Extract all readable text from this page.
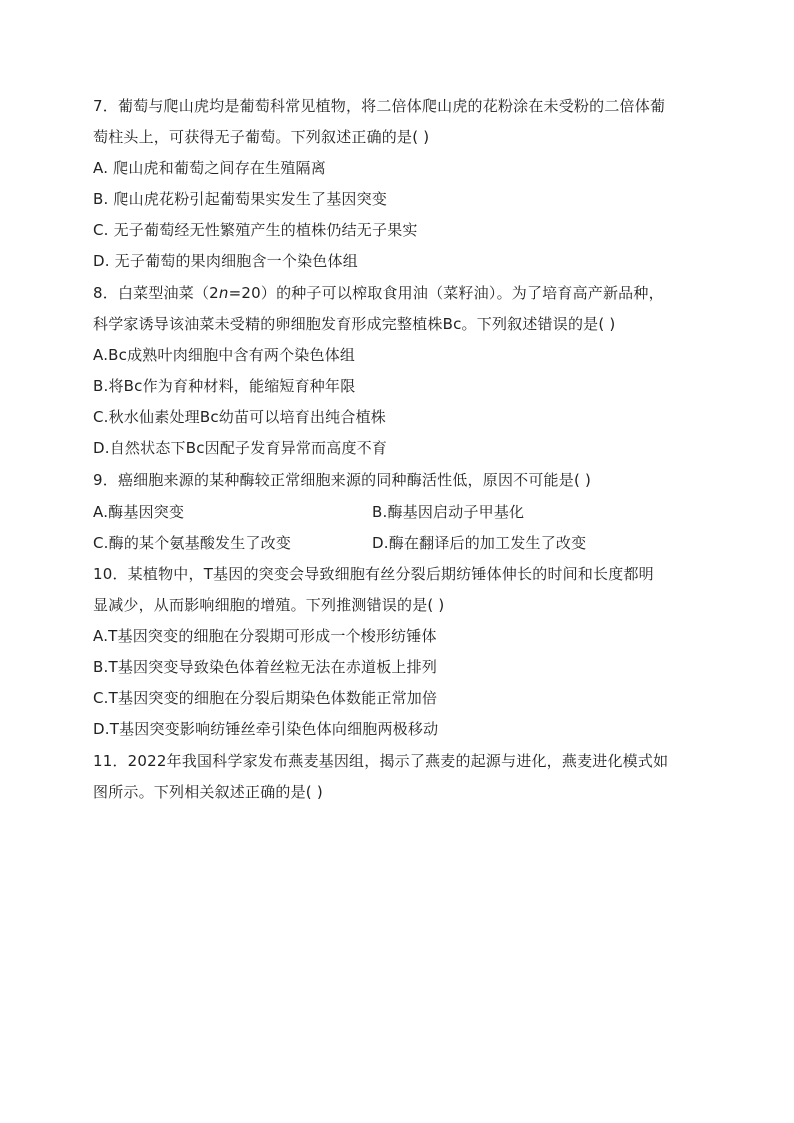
7．葡萄与爬山虎均是葡萄科常见植物，将二倍体爬山虎的花粉涂在未受粉的二倍体葡
萄柱头上，可获得无子葡萄。下列叙述正确的是( )
A. 爬山虎和葡萄之间存在生殖隔离
B. 爬山虎花粉引起葡萄果实发生了基因突变
C. 无子葡萄经无性繁殖产生的植株仍结无子果实
D. 无子葡萄的果肉细胞含一个染色体组
8．白菜型油菜（2n=20）的种子可以榨取食用油（菜籽油）。为了培育高产新品种，
科学家诱导该油菜未受精的卵细胞发育形成完整植株Bc。下列叙述错误的是( )
A.Bc成熟叶肉细胞中含有两个染色体组
B.将Bc作为育种材料，能缩短育种年限
C.秋水仙素处理Bc幼苗可以培育出纯合植株
D.自然状态下Bc因配子发育异常而高度不育
9．癌细胞来源的某种酶较正常细胞来源的同种酶活性低，原因不可能是( )
A.酶基因突变	B.酶基因启动子甲基化
C.酶的某个氨基酸发生了改变	D.酶在翻译后的加工发生了改变
10．某植物中，T基因的突变会导致细胞有丝分裂后期纺锤体伸长的时间和长度都明
显减少，从而影响细胞的增殖。下列推测错误的是( )
A.T基因突变的细胞在分裂期可形成一个梭形纺锤体
B.T基因突变导致染色体着丝粒无法在赤道板上排列
C.T基因突变的细胞在分裂后期染色体数能正常加倍
D.T基因突变影响纺锤丝牵引染色体向细胞两极移动
11．2022年我国科学家发布燕麦基因组，揭示了燕麦的起源与进化，燕麦进化模式如
图所示。下列相关叙述正确的是( )
